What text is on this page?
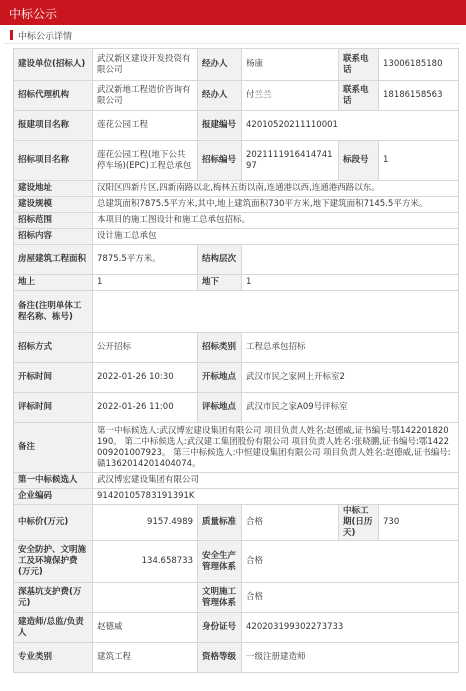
中标公示
中标公示详情
建设单位(招标人)	武汉新区建设开发投资有限公司	经办人	杨康	联系电话	13006185180
招标代理机构	武汉新地工程造价咨询有限公司	经办人	付兰兰	联系电话	18186158563
报建项目名称	莲花公园工程	报建编号	42010520211110001		
招标项目名称	莲花公园工程(地下公共停车场)(EPC)工程总承包	招标编号	202111191641474197	标段号	1
建设地址	汉阳区四新片区,四新南路以北,梅林五街以南,连通港以西,连通港西路以东。				
建设规模	总建筑面积7875.5平方米,其中,地上建筑面积730平方米,地下建筑面积7145.5平方米。				
招标范围	本项目的施工图设计和施工总承包招标。				
招标内容	设计施工总承包				
房屋建筑工程面积	7875.5平方米。	结构层次			
地上	1	地下	1		
备注(注明单体工程名称、栋号)					
招标方式	公开招标	招标类别	工程总承包招标		
开标时间	2022-01-26 10:30	开标地点	武汉市民之家网上开标室2		
评标时间	2022-01-26 11:00	评标地点	武汉市民之家A09号评标室		
备注	第一中标候选人:武汉博宏建设集团有限公司 项目负责人姓名:赵德威,证书编号:鄂142201820190。 第二中标候选人:武汉建工集团股份有限公司 项目负责人姓名:张晓鹏,证书编号:鄂1422009201007923。 第三中标候选人:中恒建设集团有限公司 项目负责人姓名:赵德威,证书编号:赣1362014201404074。				
第一中标候选人	武汉博宏建设集团有限公司				
企业编码	91420105783191391K				
中标价(万元)	9157.4989	质量标准	合格	中标工期(日历天)	730
安全防护、文明施工及环境保护费(万元)	134.658733	安全生产管理体系	合格		
深基坑支护费(万元)		文明施工管理体系	合格		
建造师/总监/负责人	赵德威	身份证号	420203199302273733		
专业类别	建筑工程	资格等级	一级注册建造师		
